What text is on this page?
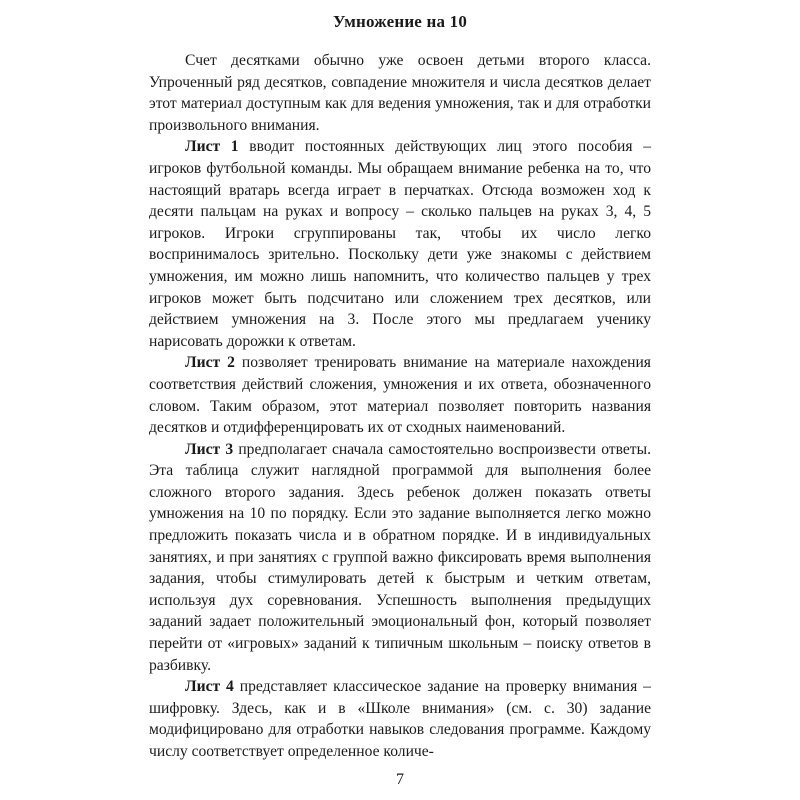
Умножение на 10

Счет десятками обычно уже освоен детьми второго класса. Упроченный ряд десятков, совпадение множителя и числа десятков делает этот материал доступным как для ведения умножения, так и для отработки произвольного внимания.

Лист 1 вводит постоянных действующих лиц этого пособия – игроков футбольной команды. Мы обращаем внимание ребенка на то, что настоящий вратарь всегда играет в перчатках. Отсюда возможен ход к десяти пальцам на руках и вопросу – сколько пальцев на руках 3, 4, 5 игроков. Игроки сгруппированы так, чтобы их число легко воспринималось зрительно. Поскольку дети уже знакомы с действием умножения, им можно лишь напомнить, что количество пальцев у трех игроков может быть подсчитано или сложением трех десятков, или действием умножения на 3. После этого мы предлагаем ученику нарисовать дорожки к ответам.

Лист 2 позволяет тренировать внимание на материале нахождения соответствия действий сложения, умножения и их ответа, обозначенного словом. Таким образом, этот материал позволяет повторить названия десятков и отдифференцировать их от сходных наименований.

Лист 3 предполагает сначала самостоятельно воспроизвести ответы. Эта таблица служит наглядной программой для выполнения более сложного второго задания. Здесь ребенок должен показать ответы умножения на 10 по порядку. Если это задание выполняется легко можно предложить показать числа и в обратном порядке. И в индивидуальных занятиях, и при занятиях с группой важно фиксировать время выполнения задания, чтобы стимулировать детей к быстрым и четким ответам, используя дух соревнования. Успешность выполнения предыдущих заданий задает положительный эмоциональный фон, который позволяет перейти от «игровых» заданий к типичным школьным – поиску ответов в разбивку.

Лист 4 представляет классическое задание на проверку внимания – шифровку. Здесь, как и в «Школе внимания» (см. с. 30) задание модифицировано для отработки навыков следования программе. Каждому числу соответствует определенное количе-

7
